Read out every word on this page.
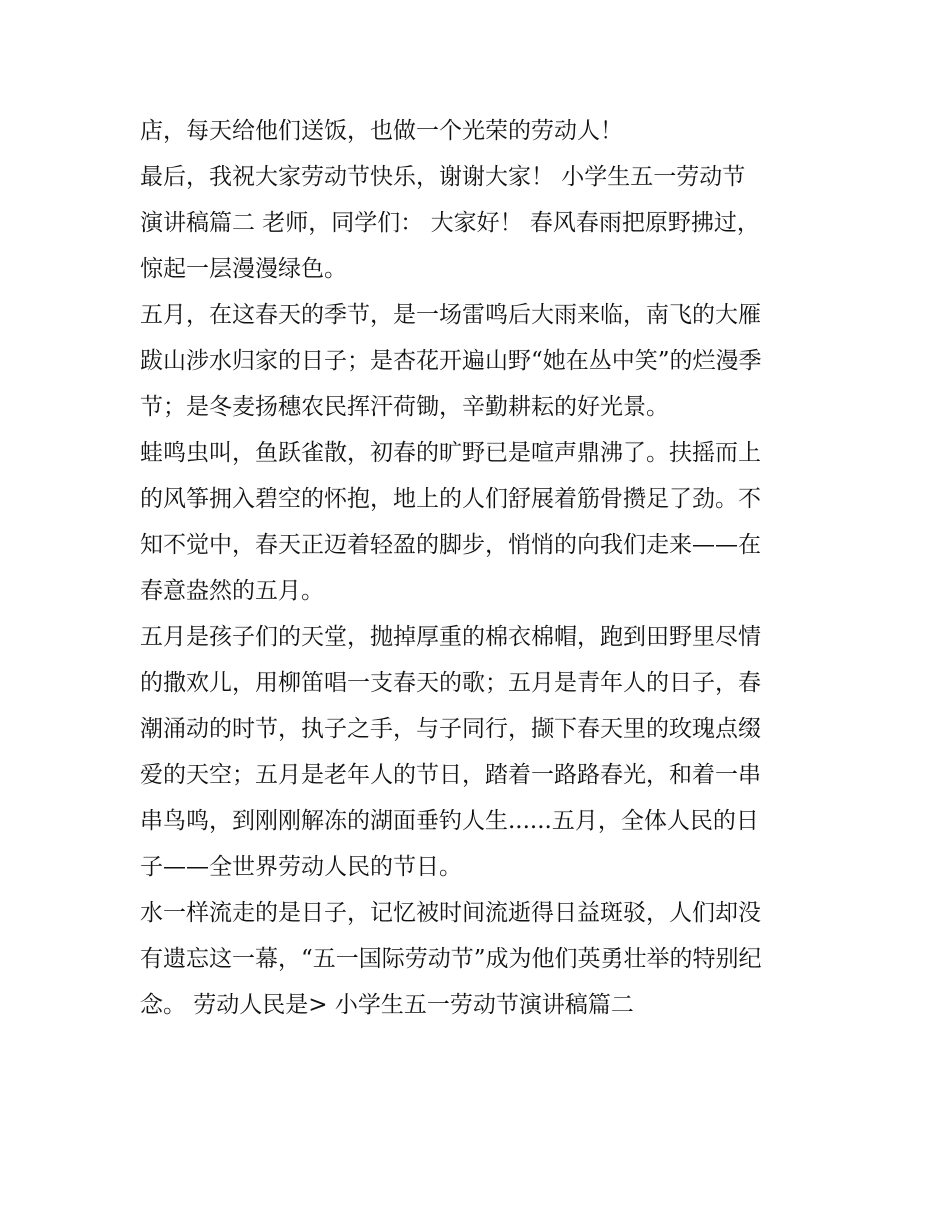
店，每天给他们送饭，也做一个光荣的劳动人！
最后，我祝大家劳动节快乐，谢谢大家！ 小学生五一劳动节
演讲稿篇二 老师，同学们： 大家好！ 春风春雨把原野拂过，
惊起一层漫漫绿色。
五月，在这春天的季节，是一场雷鸣后大雨来临，南飞的大雁
跋山涉水归家的日子；是杏花开遍山野“她在丛中笑”的烂漫季
节；是冬麦扬穗农民挥汗荷锄，辛勤耕耘的好光景。
蛙鸣虫叫，鱼跃雀散，初春的旷野已是喧声鼎沸了。扶摇而上
的风筝拥入碧空的怀抱，地上的人们舒展着筋骨攒足了劲。不
知不觉中，春天正迈着轻盈的脚步，悄悄的向我们走来——在
春意盎然的五月。
五月是孩子们的天堂，抛掉厚重的棉衣棉帽，跑到田野里尽情
的撒欢儿，用柳笛唱一支春天的歌；五月是青年人的日子，春
潮涌动的时节，执子之手，与子同行，撷下春天里的玫瑰点缀
爱的天空；五月是老年人的节日，踏着一路路春光，和着一串
串鸟鸣，到刚刚解冻的湖面垂钓人生......五月，全体人民的日
子——全世界劳动人民的节日。
水一样流走的是日子，记忆被时间流逝得日益斑驳，人们却没
有遗忘这一幕，“五一国际劳动节”成为他们英勇壮举的特别纪
念。 劳动人民是> 小学生五一劳动节演讲稿篇二
